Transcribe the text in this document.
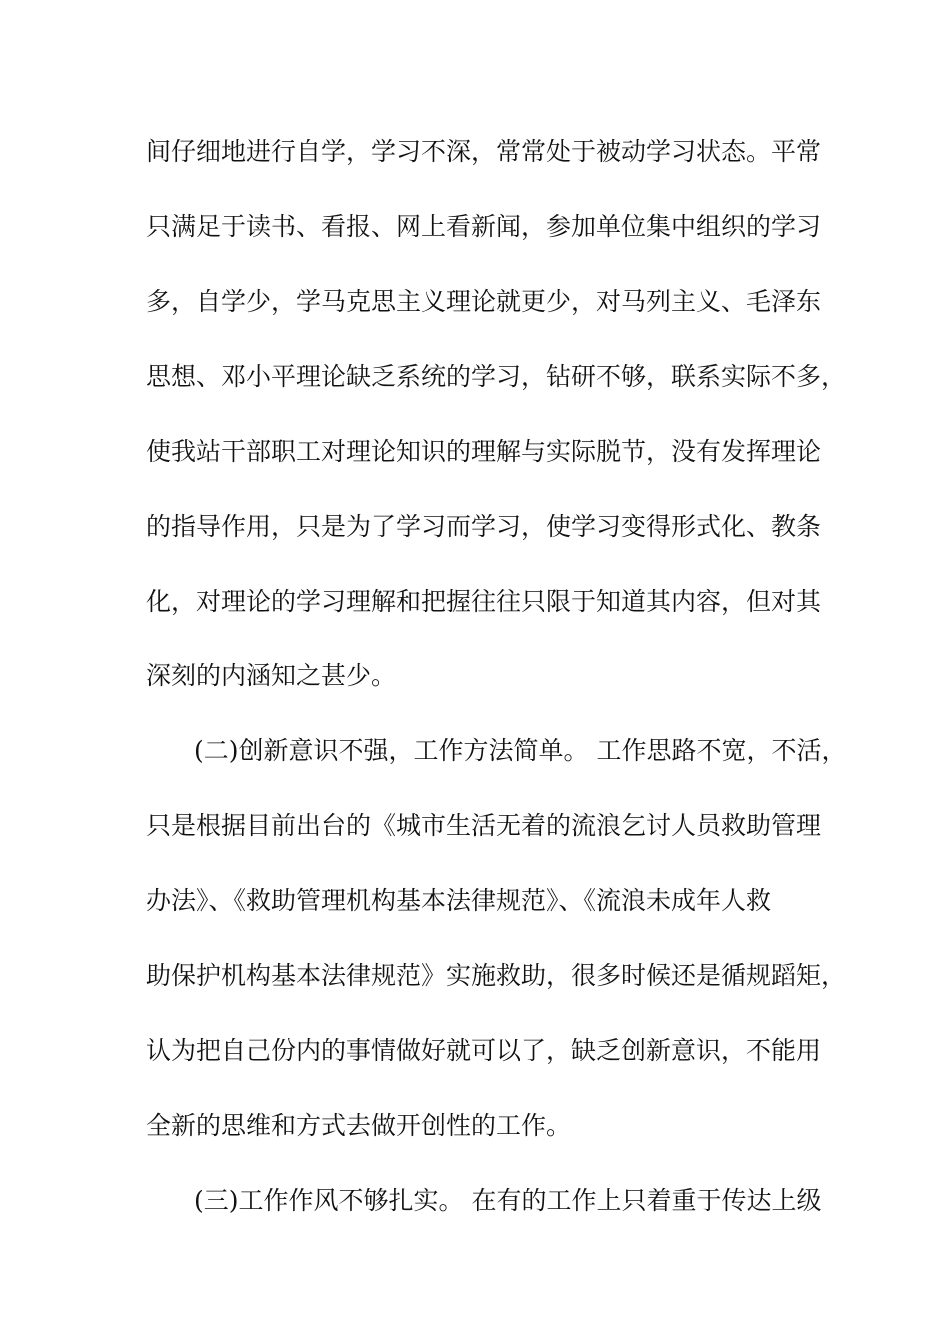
间仔细地进行自学，学习不深，常常处于被动学习状态。平常
只满足于读书、看报、网上看新闻，参加单位集中组织的学习
多，自学少，学马克思主义理论就更少，对马列主义、毛泽东
思想、邓小平理论缺乏系统的学习，钻研不够，联系实际不多，
使我站干部职工对理论知识的理解与实际脱节，没有发挥理论
的指导作用，只是为了学习而学习，使学习变得形式化、教条
化，对理论的学习理解和把握往往只限于知道其内容，但对其
深刻的内涵知之甚少。
(二)创新意识不强，工作方法简单。 工作思路不宽，不活，
只是根据目前出台的《城市生活无着的流浪乞讨人员救助管理
办法》、《救助管理机构基本法律规范》、《流浪未成年人救
助保护机构基本法律规范》实施救助，很多时候还是循规蹈矩，
认为把自己份内的事情做好就可以了，缺乏创新意识，不能用
全新的思维和方式去做开创性的工作。
(三)工作作风不够扎实。 在有的工作上只着重于传达上级
